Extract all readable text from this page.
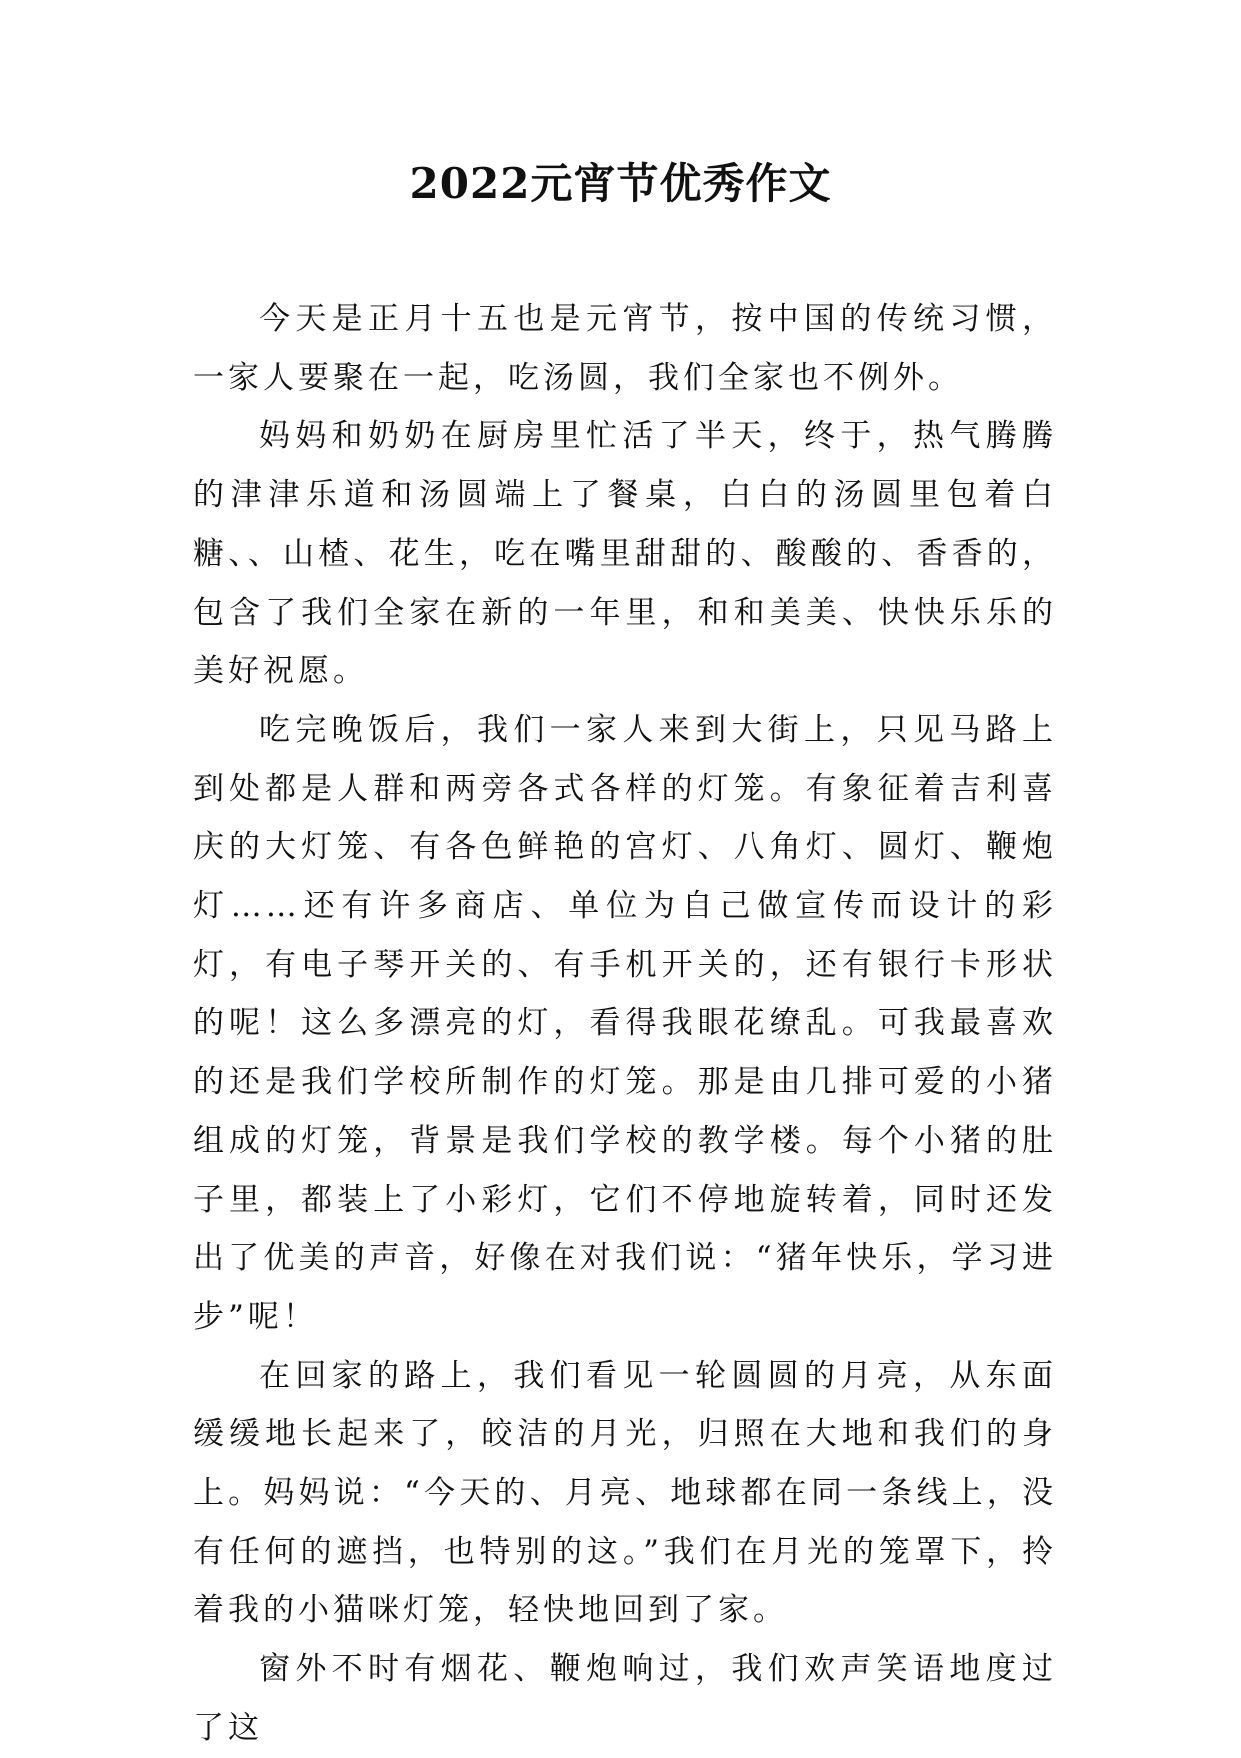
2022元宵节优秀作文

今天是正月十五也是元宵节，按中国的传统习惯，一家人要聚在一起，吃汤圆，我们全家也不例外。

妈妈和奶奶在厨房里忙活了半天，终于，热气腾腾的津津乐道和汤圆端上了餐桌，白白的汤圆里包着白糖、、山楂、花生，吃在嘴里甜甜的、酸酸的、香香的，包含了我们全家在新的一年里，和和美美、快快乐乐的美好祝愿。

吃完晚饭后，我们一家人来到大街上，只见马路上到处都是人群和两旁各式各样的灯笼。有象征着吉利喜庆的大灯笼、有各色鲜艳的宫灯、八角灯、圆灯、鞭炮灯……还有许多商店、单位为自己做宣传而设计的彩灯，有电子琴开关的、有手机开关的，还有银行卡形状的呢！这么多漂亮的灯，看得我眼花缭乱。可我最喜欢的还是我们学校所制作的灯笼。那是由几排可爱的小猪组成的灯笼，背景是我们学校的教学楼。每个小猪的肚子里，都装上了小彩灯，它们不停地旋转着，同时还发出了优美的声音，好像在对我们说：“猪年快乐，学习进步”呢！

在回家的路上，我们看见一轮圆圆的月亮，从东面缓缓地长起来了，皎洁的月光，归照在大地和我们的身上。妈妈说：“今天的、月亮、地球都在同一条线上，没有任何的遮挡，也特别的这。”我们在月光的笼罩下，拎着我的小猫咪灯笼，轻快地回到了家。

窗外不时有烟花、鞭炮响过，我们欢声笑语地度过了这
